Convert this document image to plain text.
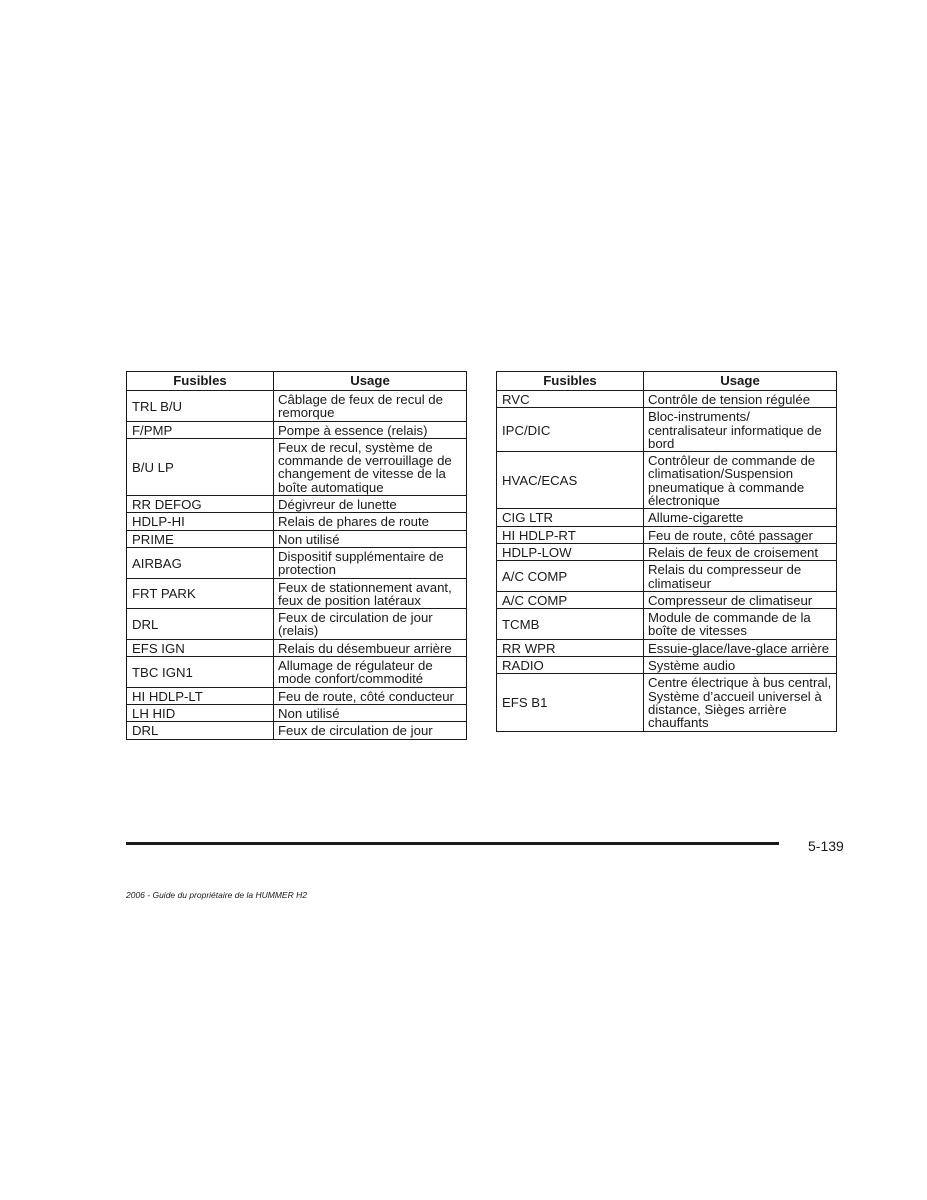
Fusibles	Usage
TRL B/U	Câblage de feux de recul de remorque
F/PMP	Pompe à essence (relais)
B/U LP	Feux de recul, système de commande de verrouillage de changement de vitesse de la boîte automatique
RR DEFOG	Dégivreur de lunette
HDLP-HI	Relais de phares de route
PRIME	Non utilisé
AIRBAG	Dispositif supplémentaire de protection
FRT PARK	Feux de stationnement avant, feux de position latéraux
DRL	Feux de circulation de jour (relais)
EFS IGN	Relais du désembueur arrière
TBC IGN1	Allumage de régulateur de mode confort/commodité
HI HDLP-LT	Feu de route, côté conducteur
LH HID	Non utilisé
DRL	Feux de circulation de jour
Fusibles	Usage
RVC	Contrôle de tension régulée
IPC/DIC	Bloc-instruments/ centralisateur informatique de bord
HVAC/ECAS	Contrôleur de commande de climatisation/Suspension pneumatique à commande électronique
CIG LTR	Allume-cigarette
HI HDLP-RT	Feu de route, côté passager
HDLP-LOW	Relais de feux de croisement
A/C COMP	Relais du compresseur de climatiseur
A/C COMP	Compresseur de climatiseur
TCMB	Module de commande de la boîte de vitesses
RR WPR	Essuie-glace/lave-glace arrière
RADIO	Système audio
EFS B1	Centre électrique à bus central, Système d’accueil universel à distance, Sièges arrière chauffants
5-139
2006 - Guide du propriétaire de la HUMMER H2
